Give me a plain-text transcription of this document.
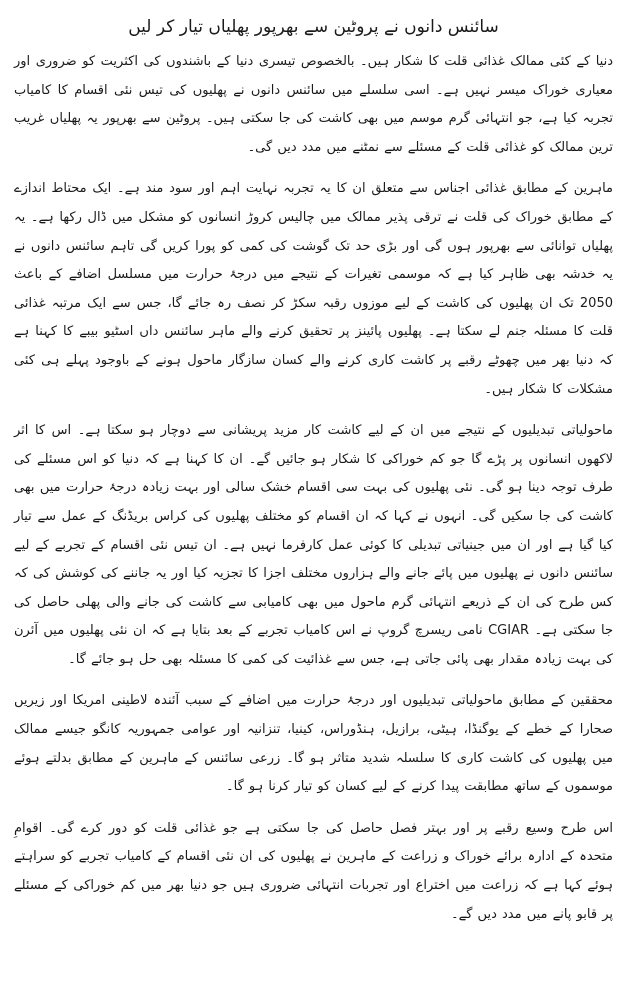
سائنس دانوں نے پروٹین سے بھرپور پھلیاں تیار کر لیں

دنیا کے کئی ممالک غذائی قلت کا شکار ہیں۔ بالخصوص تیسری دنیا کے باشندوں کی اکثریت کو ضروری اور معیاری خوراک میسر نہیں ہے۔ اسی سلسلے میں سائنس دانوں نے پھلیوں کی تیس نئی اقسام کا کامیاب تجربہ کیا ہے، جو انتہائی گرم موسم میں بھی کاشت کی جا سکتی ہیں۔ پروٹین سے بھرپور یہ پھلیاں غریب ترین ممالک کو غذائی قلت کے مسئلے سے نمٹنے میں مدد دیں گی۔

ماہرین کے مطابق غذائی اجناس سے متعلق ان کا یہ تجربہ نہایت اہم اور سود مند ہے۔ ایک محتاط اندازے کے مطابق خوراک کی قلت نے ترقی پذیر ممالک میں چالیس کروڑ انسانوں کو مشکل میں ڈال رکھا ہے۔ یہ پھلیاں توانائی سے بھرپور ہوں گی اور بڑی حد تک گوشت کی کمی کو پورا کریں گی تاہم سائنس دانوں نے یہ خدشہ بھی ظاہر کیا ہے کہ موسمی تغیرات کے نتیجے میں درجۂ حرارت میں مسلسل اضافے کے باعث 2050 تک ان پھلیوں کی کاشت کے لیے موزوں رقبہ سکڑ کر نصف رہ جائے گا، جس سے ایک مرتبہ غذائی قلت کا مسئلہ جنم لے سکتا ہے۔ پھلیوں پائینز پر تحقیق کرنے والے ماہر سائنس داں اسٹیو بیبے کا کہنا ہے کہ دنیا بھر میں چھوٹے رقبے پر کاشت کاری کرنے والے کسان سازگار ماحول ہونے کے باوجود پہلے ہی کئی مشکلات کا شکار ہیں۔

ماحولیاتی تبدیلیوں کے نتیجے میں ان کے لیے کاشت کار مزید پریشانی سے دوچار ہو سکتا ہے۔ اس کا اثر لاکھوں انسانوں پر پڑے گا جو کم خوراکی کا شکار ہو جائیں گے۔ ان کا کہنا ہے کہ دنیا کو اس مسئلے کی طرف توجہ دینا ہو گی۔ نئی پھلیوں کی بہت سی اقسام خشک سالی اور بہت زیادہ درجۂ حرارت میں بھی کاشت کی جا سکیں گی۔ انہوں نے کہا کہ ان اقسام کو مختلف پھلیوں کی کراس بریڈنگ کے عمل سے تیار کیا گیا ہے اور ان میں جینیاتی تبدیلی کا کوئی عمل کارفرما نہیں ہے۔ ان تیس نئی اقسام کے تجربے کے لیے سائنس دانوں نے پھلیوں میں پائے جانے والے ہزاروں مختلف اجزا کا تجزیہ کیا اور یہ جاننے کی کوشش کی کہ کس طرح کی ان کے ذریعے انتہائی گرم ماحول میں بھی کامیابی سے کاشت کی جانے والی پھلی حاصل کی جا سکتی ہے۔ CGIAR نامی ریسرچ گروپ نے اس کامیاب تجربے کے بعد بتایا ہے کہ ان نئی پھلیوں میں آئرن کی بہت زیادہ مقدار بھی پائی جاتی ہے، جس سے غذائیت کی کمی کا مسئلہ بھی حل ہو جائے گا۔

محققین کے مطابق ماحولیاتی تبدیلیوں اور درجۂ حرارت میں اضافے کے سبب آئندہ لاطینی امریکا اور زیریں صحارا کے خطے کے یوگنڈا، ہیٹی، برازیل، ہنڈوراس، کینیا، تنزانیہ اور عوامی جمہوریہ کانگو جیسے ممالک میں پھلیوں کی کاشت کاری کا سلسلہ شدید متاثر ہو گا۔ زرعی سائنس کے ماہرین کے مطابق بدلتے ہوئے موسموں کے ساتھ مطابقت پیدا کرنے کے لیے کسان کو تیار کرنا ہو گا۔

اس طرح وسیع رقبے پر اور بہتر فصل حاصل کی جا سکتی ہے جو غذائی قلت کو دور کرے گی۔ اقوامِ متحدہ کے ادارہ برائے خوراک و زراعت کے ماہرین نے پھلیوں کی ان نئی اقسام کے کامیاب تجربے کو سراہتے ہوئے کہا ہے کہ زراعت میں اختراع اور تجربات انتہائی ضروری ہیں جو دنیا بھر میں کم خوراکی کے مسئلے پر قابو پانے میں مدد دیں گے۔
